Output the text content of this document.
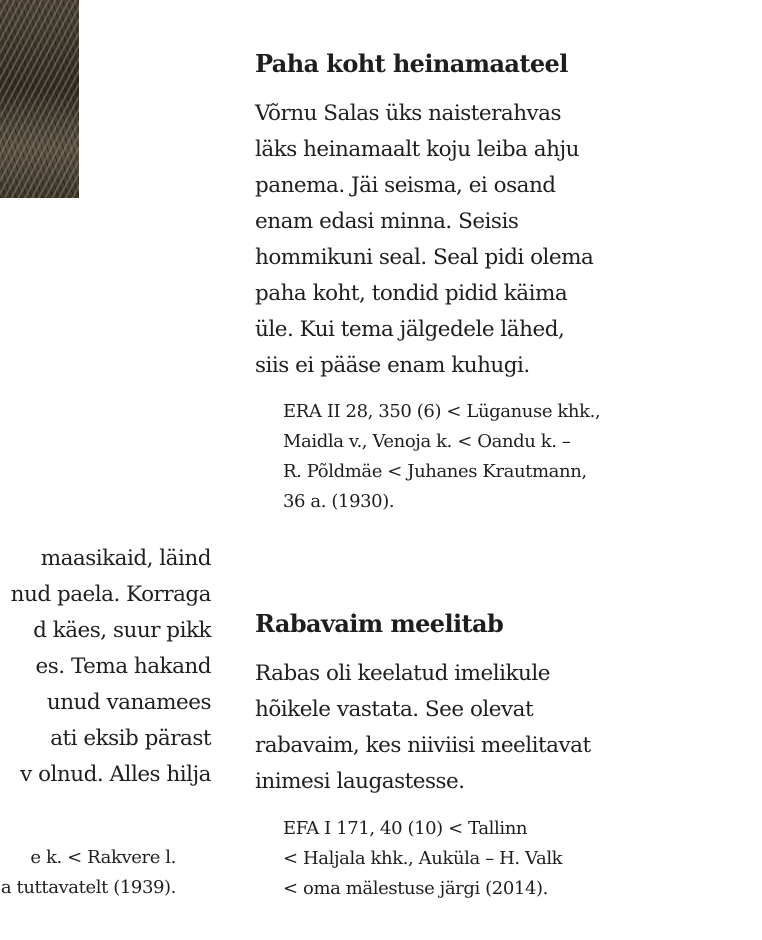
maasikaid, läind

nud paela. Korraga

d käes, suur pikk

es. Tema hakand

unud vanamees

ati eksib pärast

v olnud. Alles hilja

e k. < Rakvere l.

a tuttavatelt (1939).

Paha koht heinamaateel

Võrnu Salas üks naisterahvas

läks heinamaalt koju leiba ahju

panema. Jäi seisma, ei osand

enam edasi minna. Seisis

hommikuni seal. Seal pidi olema

paha koht, tondid pidid käima

üle. Kui tema jälgedele lähed,

siis ei pääse enam kuhugi.

ERA II 28, 350 (6) < Lüganuse khk.,

Maidla v., Venoja k. < Oandu k. –

R. Põldmäe < Juhanes Krautmann,

36 a. (1930).

Rabavaim meelitab

Rabas oli keelatud imelikule

hõikele vastata. See olevat

rabavaim, kes niiviisi meelitavat

inimesi laugastesse.

EFA I 171, 40 (10) < Tallinn

< Haljala khk., Auküla – H. Valk

< oma mälestuse järgi (2014).
